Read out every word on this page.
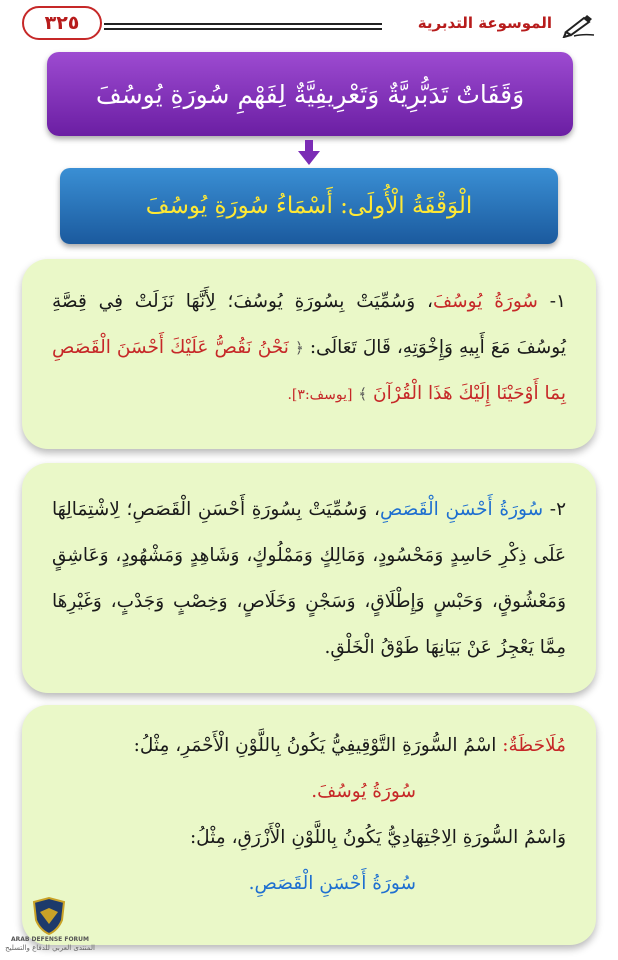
الموسوعة التدبرية
٣٢٥
وَقَفَاتٌ تَدَبُّرِيَّةٌ وَتَعْرِيفِيَّةٌ لِفَهْمِ سُورَةِ يُوسُفَ
الْوَقْفَةُ الْأُولَى: أَسْمَاءُ سُورَةِ يُوسُفَ
١- سُورَةُ يُوسُفَ، وَسُمِّيَتْ بِسُورَةِ يُوسُفَ؛ لِأَنَّهَا نَزَلَتْ فِي قِصَّةِ يُوسُفَ مَعَ أَبِيهِ وَإِخْوَتِهِ، قَالَ تَعَالَى: ﴿ نَحْنُ نَقُصُّ عَلَيْكَ أَحْسَنَ الْقَصَصِ بِمَا أَوْحَيْنَا إِلَيْكَ هَذَا الْقُرْآنَ ﴾ [يوسف:٣].
٢- سُورَةُ أَحْسَنِ الْقَصَصِ، وَسُمِّيَتْ بِسُورَةِ أَحْسَنِ الْقَصَصِ؛ لِاشْتِمَالِهَا عَلَى ذِكْرِ حَاسِدٍ وَمَحْسُودٍ، وَمَالِكٍ وَمَمْلُوكٍ، وَشَاهِدٍ وَمَشْهُودٍ، وَعَاشِقٍ وَمَعْشُوقٍ، وَحَبْسٍ وَإِطْلَاقٍ، وَسَجْنٍ وَخَلَاصٍ، وَخِصْبٍ وَجَدْبٍ، وَغَيْرِهَا مِمَّا يَعْجِزُ عَنْ بَيَانِهَا طَوْقُ الْخَلْقِ.
مُلَاحَظَةٌ: اسْمُ السُّورَةِ التَّوْقِيفِيُّ يَكُونُ بِاللَّوْنِ الْأَحْمَرِ، مِثْلُ:
سُورَةُ يُوسُفَ.
وَاسْمُ السُّورَةِ الِاجْتِهَادِيُّ يَكُونُ بِاللَّوْنِ الْأَزْرَقِ، مِثْلُ:
سُورَةُ أَحْسَنِ الْقَصَصِ.
ARAB DEFENSE FORUM
المنتدى العربي للدفاع والتسليح
